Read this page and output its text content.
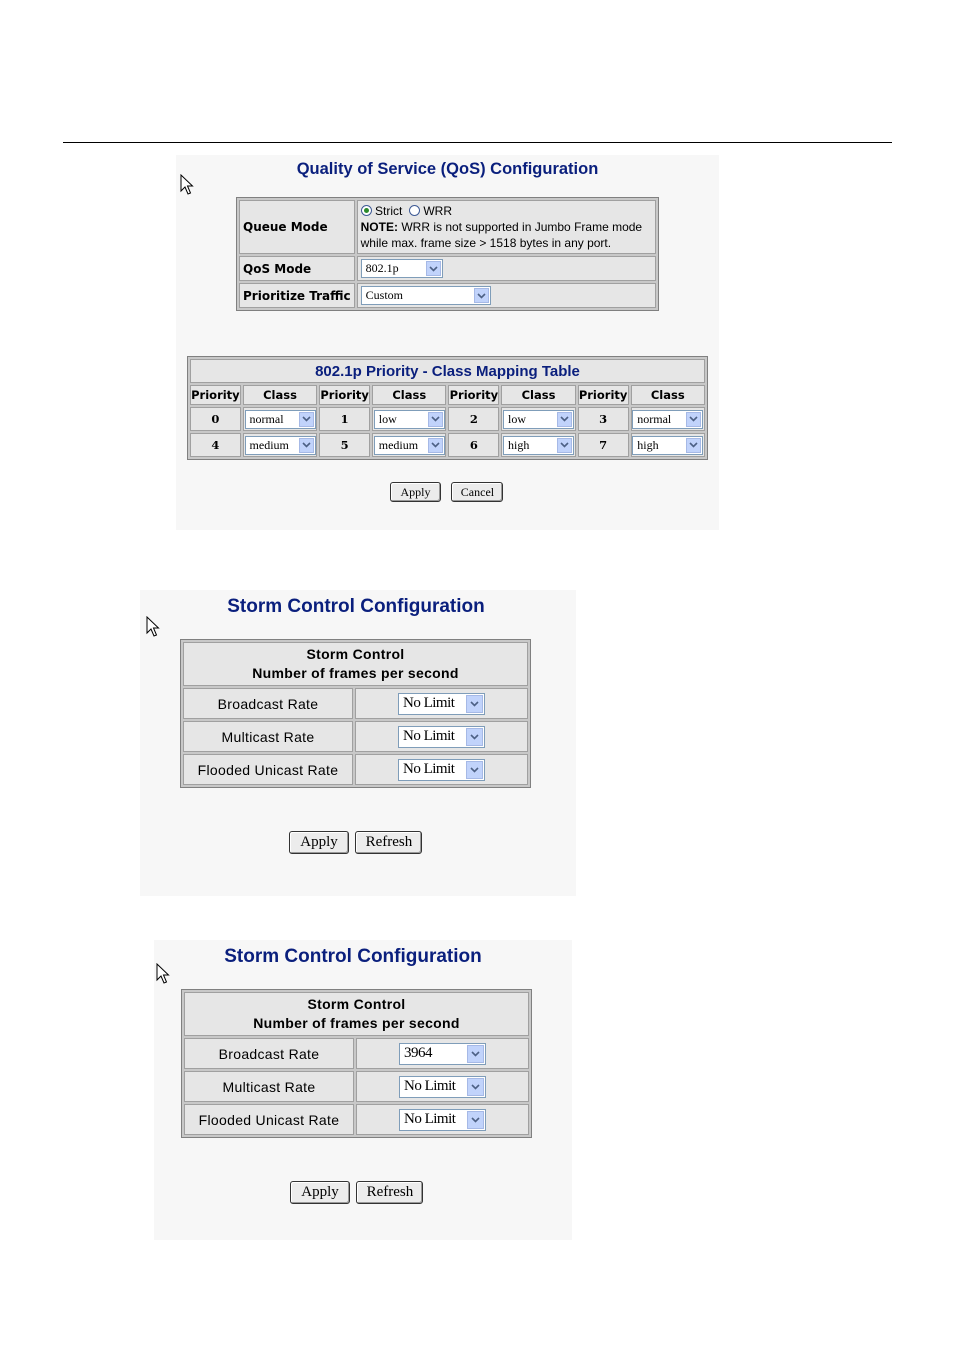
Quality of Service (QoS) Configuration
Queue Mode	Strict WRR
NOTE: WRR is not supported in Jumbo Frame mode
while max. frame size > 1518 bytes in any port.
QoS Mode	802.1p

Prioritize Traffic	Custom
802.1p Priority - Class Mapping Table							
Priority	Class	Priority	Class	Priority	Class	Priority	Class
0	normal	1	low	2	low	3	normal

4	medium	5	medium	6	high	7	high
Apply	Cancel
Storm Control Configuration
Storm Control
Number of frames per second	
Broadcast Rate	No Limit

Multicast Rate	No Limit

Flooded Unicast Rate	No Limit
Apply Refresh
Storm Control Configuration
Storm Control
Number of frames per second	
Broadcast Rate	3964

Multicast Rate	No Limit

Flooded Unicast Rate	No Limit
Apply Refresh
